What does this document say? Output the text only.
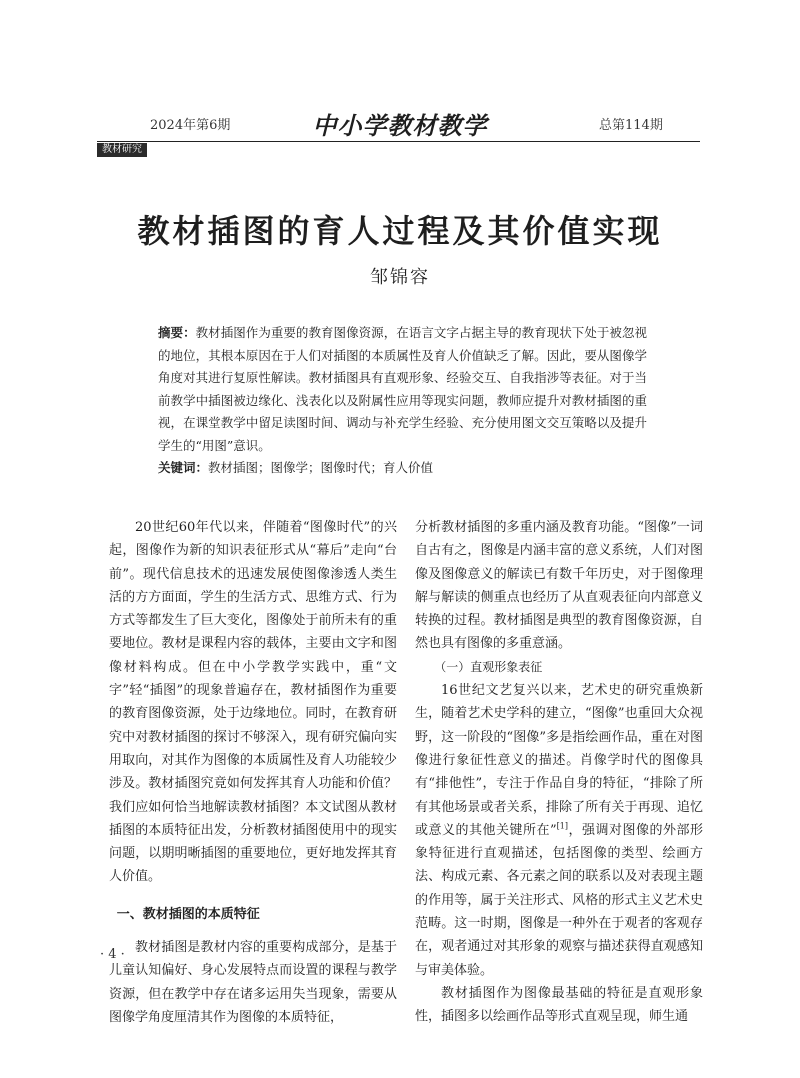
2024年第6期	中小学教材教学	总第114期
教材研究
教材插图的育人过程及其价值实现
邹锦容
摘要：教材插图作为重要的教育图像资源，在语言文字占据主导的教育现状下处于被忽视的地位，其根本原因在于人们对插图的本质属性及育人价值缺乏了解。因此，要从图像学角度对其进行复原性解读。教材插图具有直观形象、经验交互、自我指涉等表征。对于当前教学中插图被边缘化、浅表化以及附属性应用等现实问题，教师应提升对教材插图的重视，在课堂教学中留足读图时间、调动与补充学生经验、充分使用图文交互策略以及提升学生的“用图”意识。
关键词：教材插图；图像学；图像时代；育人价值

20世纪60年代以来，伴随着“图像时代”的兴起，图像作为新的知识表征形式从“幕后”走向“台前”。现代信息技术的迅速发展使图像渗透人类生活的方方面面，学生的生活方式、思维方式、行为方式等都发生了巨大变化，图像处于前所未有的重要地位。教材是课程内容的载体，主要由文字和图像材料构成。但在中小学教学实践中，重“文字”轻“插图”的现象普遍存在，教材插图作为重要的教育图像资源，处于边缘地位。同时，在教育研究中对教材插图的探讨不够深入，现有研究偏向实用取向，对其作为图像的本质属性及育人功能较少涉及。教材插图究竟如何发挥其育人功能和价值？我们应如何恰当地解读教材插图？本文试图从教材插图的本质特征出发，分析教材插图使用中的现实问题，以期明晰插图的重要地位，更好地发挥其育人价值。

一、教材插图的本质特征

教材插图是教材内容的重要构成部分，是基于儿童认知偏好、身心发展特点而设置的课程与教学资源，但在教学中存在诸多运用失当现象，需要从图像学角度厘清其作为图像的本质特征，

分析教材插图的多重内涵及教育功能。“图像”一词自古有之，图像是内涵丰富的意义系统，人们对图像及图像意义的解读已有数千年历史，对于图像理解与解读的侧重点也经历了从直观表征向内部意义转换的过程。教材插图是典型的教育图像资源，自然也具有图像的多重意涵。

（一）直观形象表征

16世纪文艺复兴以来，艺术史的研究重焕新生，随着艺术史学科的建立，“图像”也重回大众视野，这一阶段的“图像”多是指绘画作品，重在对图像进行象征性意义的描述。肖像学时代的图像具有“排他性”，专注于作品自身的特征，“排除了所有其他场景或者关系，排除了所有关于再现、追忆或意义的其他关键所在”[1]，强调对图像的外部形象特征进行直观描述，包括图像的类型、绘画方法、构成元素、各元素之间的联系以及对表现主题的作用等，属于关注形式、风格的形式主义艺术史范畴。这一时期，图像是一种外在于观者的客观存在，观者通过对其形象的观察与描述获得直观感知与审美体验。

教材插图作为图像最基础的特征是直观形象性，插图多以绘画作品等形式直观呈现，师生通

· 4 ·
